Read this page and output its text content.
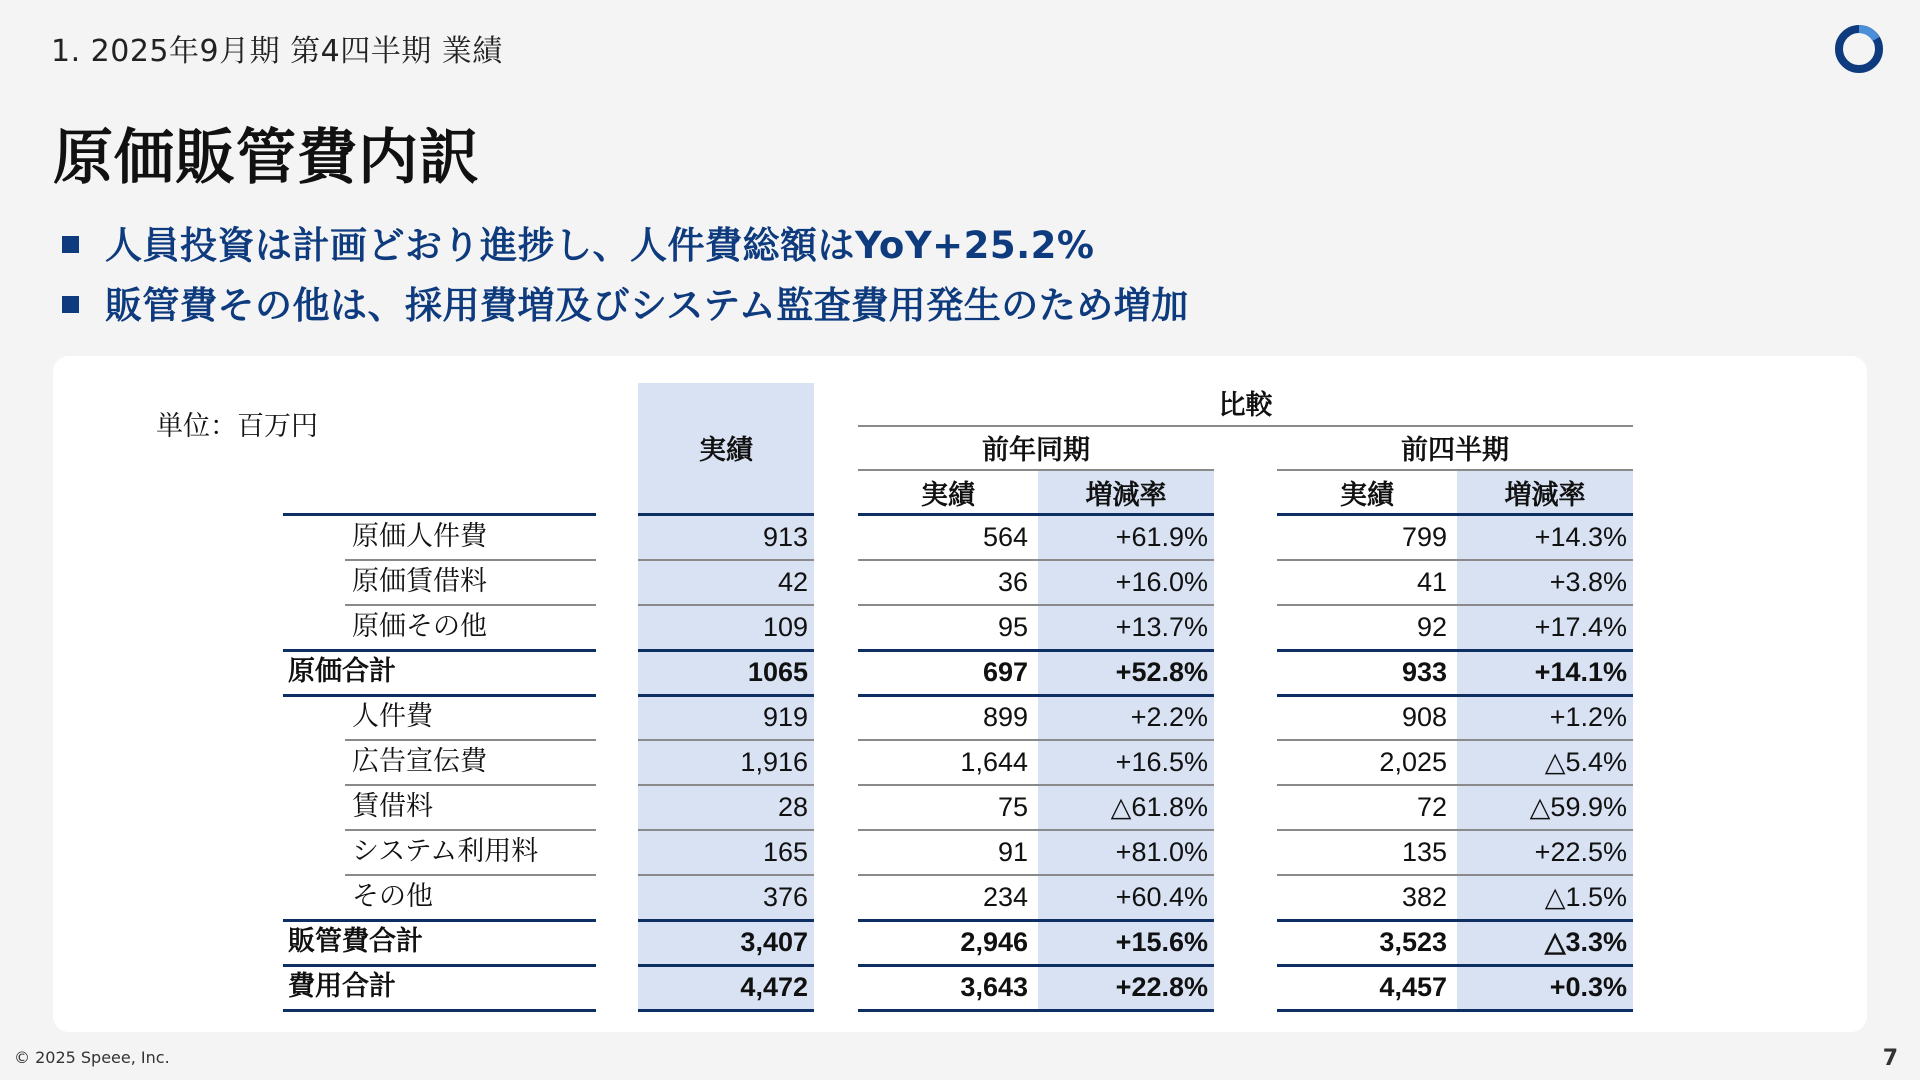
1. 2025年9月期 第4四半期 業績
原価販管費内訳
人員投資は計画どおり進捗し、人件費総額はYoY+25.2%
販管費その他は、採用費増及びシステム監査費用発生のため増加
単位：百万円
実績
比較
前年同期	前四半期
実績	増減率	実績	増減率
原価人件費	913	564	+61.9%	799	+14.3%
原価賃借料	42	36	+16.0%	41	+3.8%
原価その他	109	95	+13.7%	92	+17.4%
原価合計	1065	697	+52.8%	933	+14.1%
人件費	919	899	+2.2%	908	+1.2%
広告宣伝費	1,916	1,644	+16.5%	2,025	△5.4%
賃借料	28	75	△61.8%	72	△59.9%
システム利用料	165	91	+81.0%	135	+22.5%
その他	376	234	+60.4%	382	△1.5%
販管費合計	3,407	2,946	+15.6%	3,523	△3.3%
費用合計	4,472	3,643	+22.8%	4,457	+0.3%
© 2025 Speee, Inc.	7
